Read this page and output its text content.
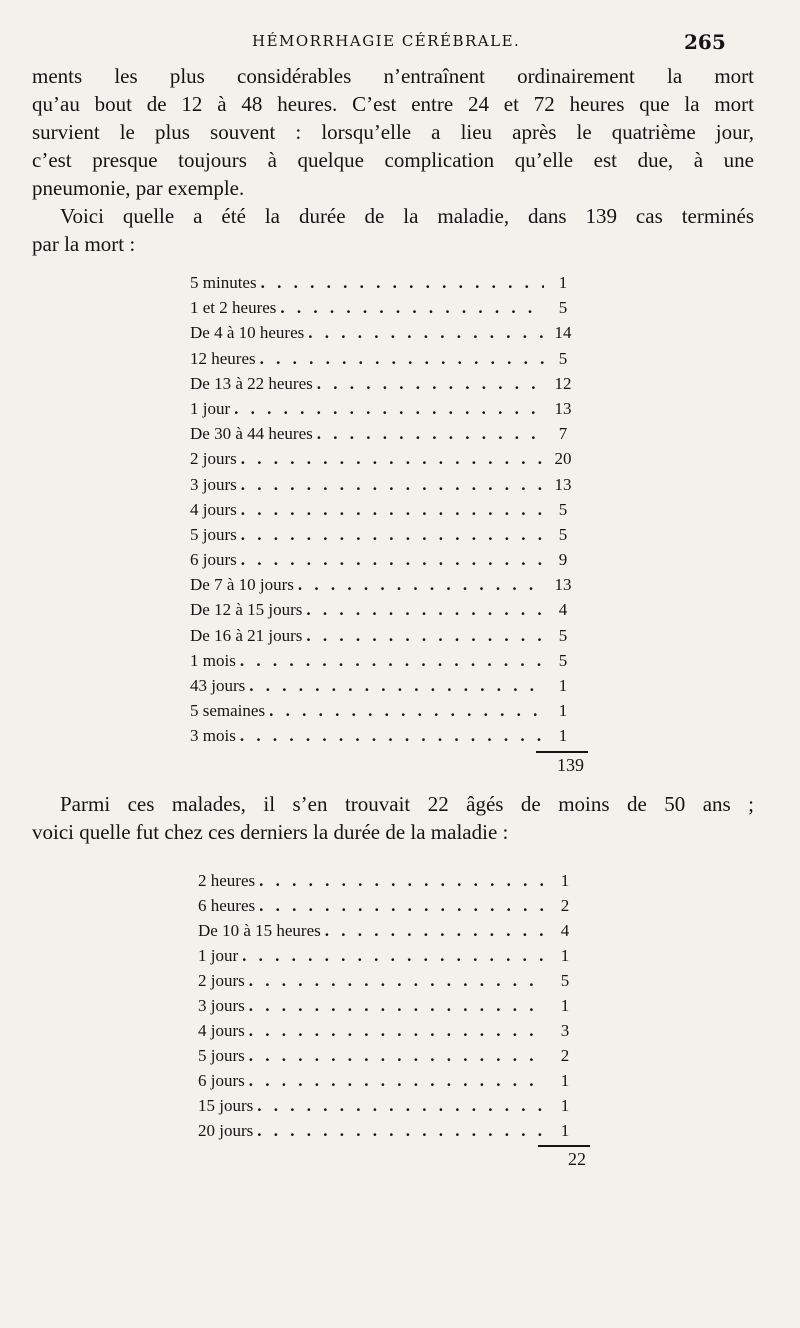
HÉMORRHAGIE CÉRÉBRALE.	265
ments les plus considérables n’entraînent ordinairement la mort
qu’au bout de 12 à 48 heures. C’est entre 24 et 72 heures que la mort
survient le plus souvent : lorsqu’elle a lieu après le quatrième jour,
c’est presque toujours à quelque complication qu’elle est due, à une
pneumonie, par exemple.
Voici quelle a été la durée de la maladie, dans 139 cas terminés
par la mort :
5 minutes . . .	1
1 et 2 heures . . .	5
De 4 à 10 heures . . .	14
12 heures . . .	5
De 13 à 22 heures . . .	12
1 jour . . .	13
De 30 à 44 heures . . .	7
2 jours . . .	20
3 jours . . .	13
4 jours . . .	5
5 jours . . .	5
6 jours . . .	9
De 7 à 10 jours . . .	13
De 12 à 15 jours . . .	4
De 16 à 21 jours . . .	5
1 mois . . .	5
43 jours . . .	1
5 semaines . . .	1
3 mois . . .	1
139
Parmi ces malades, il s’en trouvait 22 âgés de moins de 50 ans ;
voici quelle fut chez ces derniers la durée de la maladie :
2 heures . . .	1
6 heures . . .	2
De 10 à 15 heures . . .	4
1 jour . . .	1
2 jours . . .	5
3 jours . . .	1
4 jours . . .	3
5 jours . . .	2
6 jours . . .	1
15 jours . . .	1
20 jours . . .	1
22
